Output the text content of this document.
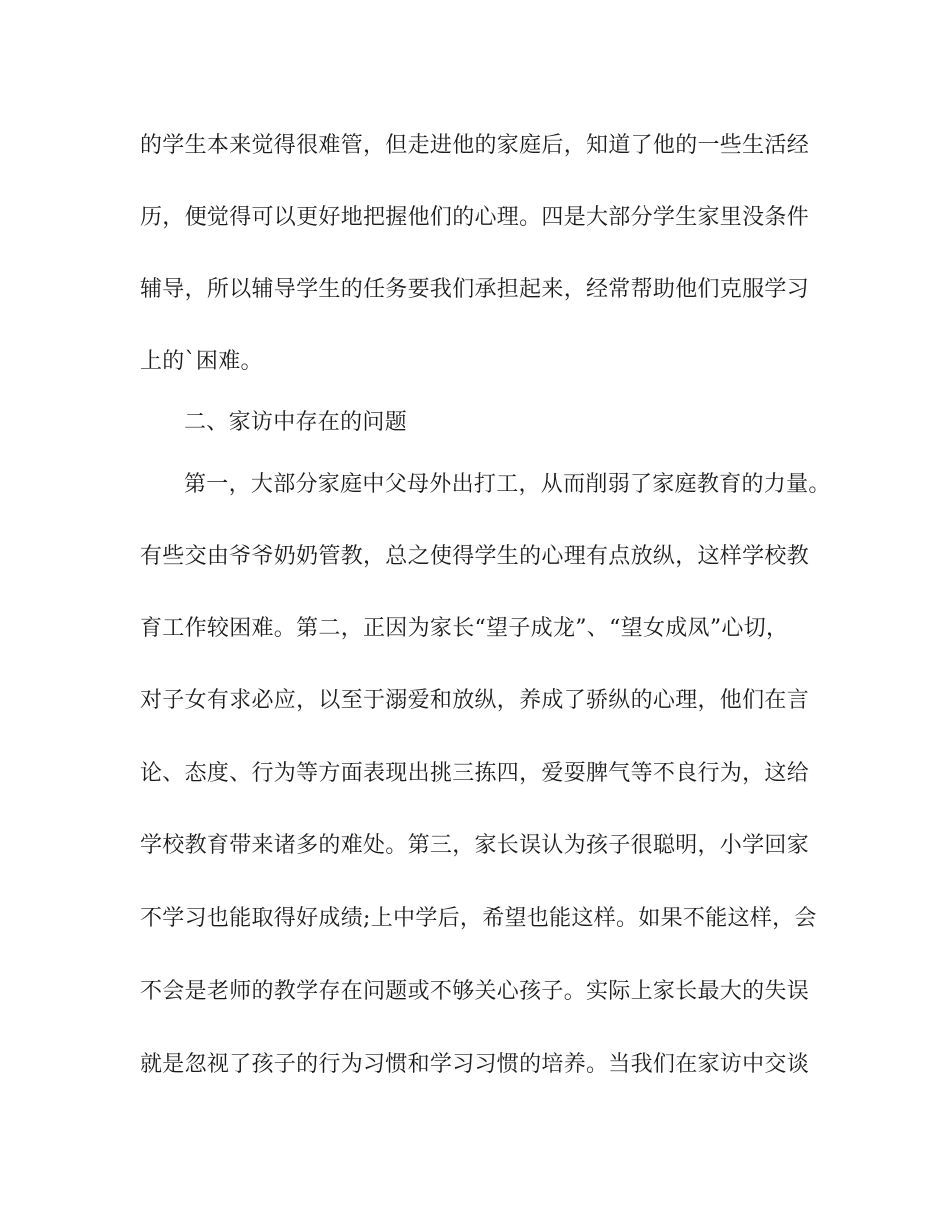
的学生本来觉得很难管，但走进他的家庭后，知道了他的一些生活经
历，便觉得可以更好地把握他们的心理。四是大部分学生家里没条件
辅导，所以辅导学生的任务要我们承担起来，经常帮助他们克服学习
上的`困难。
二、家访中存在的问题
第一，大部分家庭中父母外出打工，从而削弱了家庭教育的力量。
有些交由爷爷奶奶管教，总之使得学生的心理有点放纵，这样学校教
育工作较困难。第二，正因为家长“望子成龙”、“望女成凤”心切，
对子女有求必应，以至于溺爱和放纵，养成了骄纵的心理，他们在言
论、态度、行为等方面表现出挑三拣四，爱耍脾气等不良行为，这给
学校教育带来诸多的难处。第三，家长误认为孩子很聪明，小学回家
不学习也能取得好成绩;上中学后，希望也能这样。如果不能这样，会
不会是老师的教学存在问题或不够关心孩子。实际上家长最大的失误
就是忽视了孩子的行为习惯和学习习惯的培养。当我们在家访中交谈
